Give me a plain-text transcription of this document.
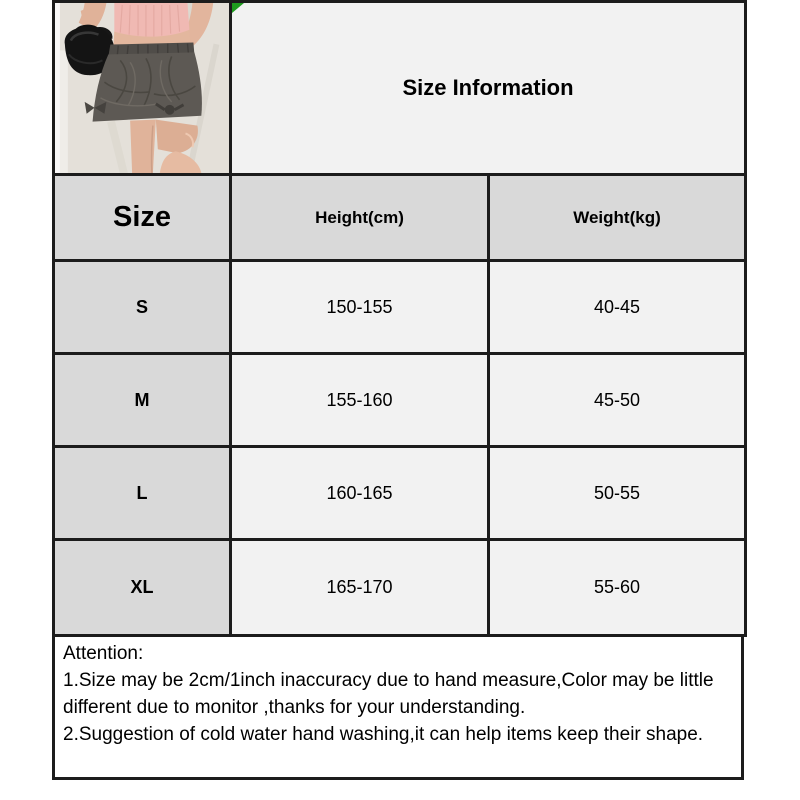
Size Information	
Size	Height(cm)	Weight(kg)
S	150-155	40-45
M	155-160	45-50
L	160-165	50-55
XL	165-170	55-60
Attention:
1.Size may be 2cm/1inch inaccuracy due to hand measure,Color may be little different due to monitor ,thanks for your understanding.
2.Suggestion of cold water hand washing,it can help items keep their shape.
